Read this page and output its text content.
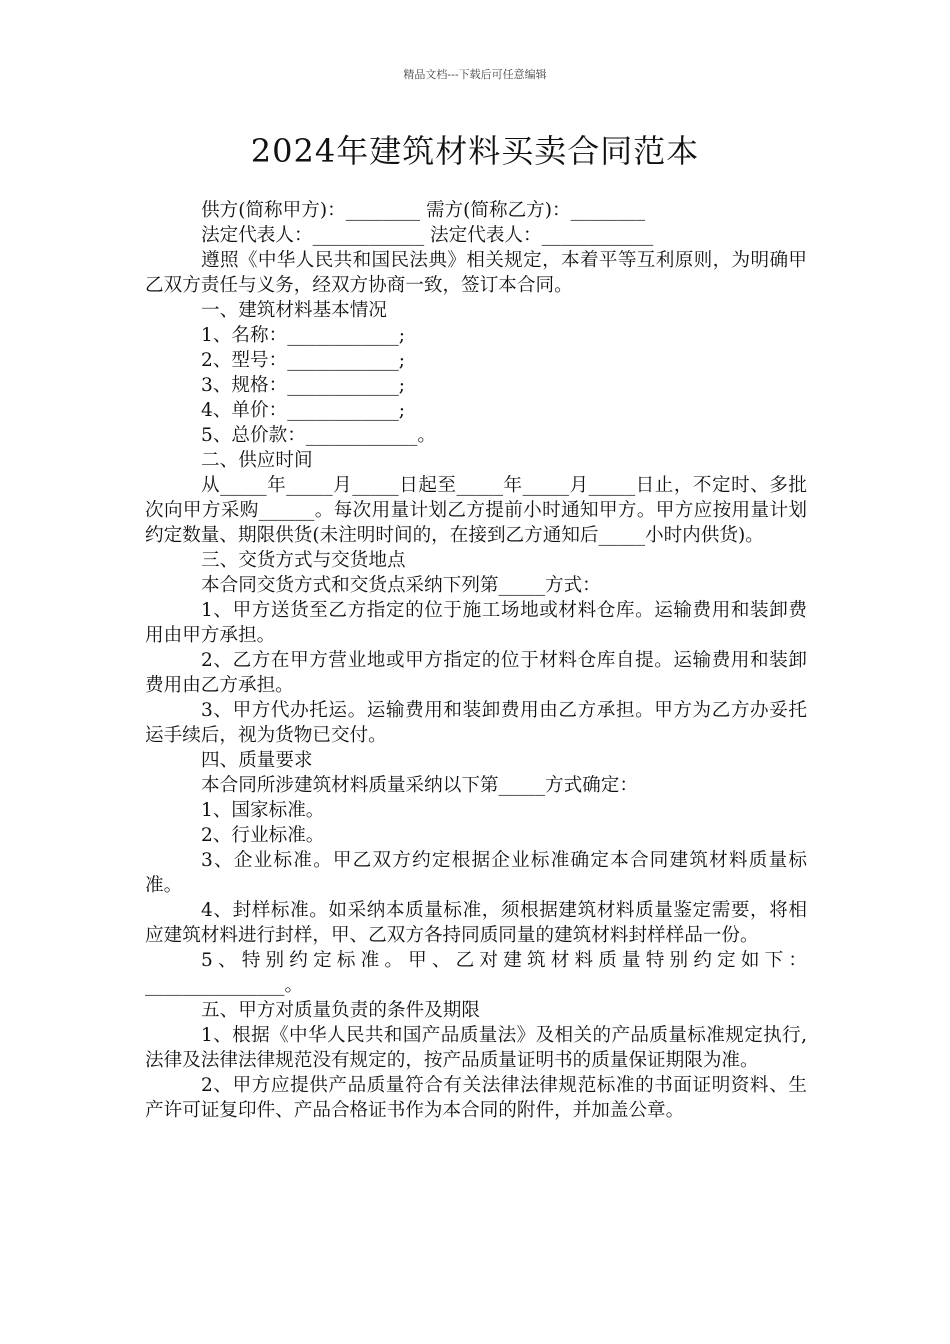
精品文档---下载后可任意编辑
2024年建筑材料买卖合同范本
供方(简称甲方)：________ 需方(简称乙方)：________
法定代表人：____________ 法定代表人：____________
遵照《中华人民共和国民法典》相关规定，本着平等互利原则，为明确甲乙双方责任与义务，经双方协商一致，签订本合同。
一、建筑材料基本情况
1、名称：____________;
2、型号：____________;
3、规格：____________;
4、单价：____________;
5、总价款：____________。
二、供应时间
从_____年_____月_____日起至_____年_____月_____日止，不定时、多批次向甲方采购______。每次用量计划乙方提前小时通知甲方。甲方应按用量计划约定数量、期限供货(未注明时间的，在接到乙方通知后_____小时内供货)。
三、交货方式与交货地点
本合同交货方式和交货点采纳下列第_____方式：
1、甲方送货至乙方指定的位于施工场地或材料仓库。运输费用和装卸费用由甲方承担。
2、乙方在甲方营业地或甲方指定的位于材料仓库自提。运输费用和装卸费用由乙方承担。
3、甲方代办托运。运输费用和装卸费用由乙方承担。甲方为乙方办妥托运手续后，视为货物已交付。
四、质量要求
本合同所涉建筑材料质量采纳以下第_____方式确定：
1、国家标准。
2、行业标准。
3、企业标准。甲乙双方约定根据企业标准确定本合同建筑材料质量标准。
4、封样标准。如采纳本质量标准，须根据建筑材料质量鉴定需要，将相应建筑材料进行封样，甲、乙双方各持同质同量的建筑材料封样样品一份。
5、特别约定标准。甲、乙对建筑材料质量特别约定如下：_______________。
五、甲方对质量负责的条件及期限
1、根据《中华人民共和国产品质量法》及相关的产品质量标准规定执行,法律及法律法律规范没有规定的，按产品质量证明书的质量保证期限为准。
2、甲方应提供产品质量符合有关法律法律规范标准的书面证明资料、生产许可证复印件、产品合格证书作为本合同的附件，并加盖公章。
